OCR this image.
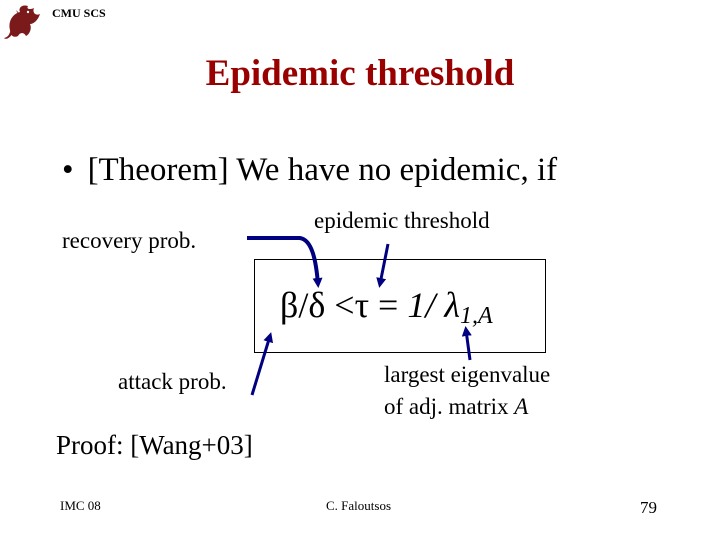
CMU SCS
Epidemic threshold
• [Theorem] We have no epidemic, if
recovery prob.
epidemic threshold
β/δ <τ = 1/ $\lambda_{1,A}$
attack prob.	largest eigenvalue
of adj. matrix A
Proof: [Wang+03]
IMC 08	C. Faloutsos	79
